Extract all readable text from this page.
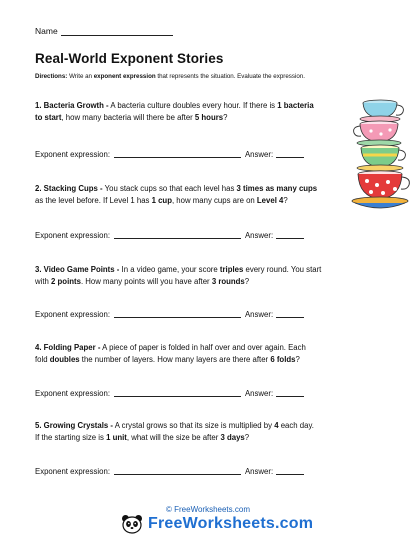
Name
Real-World Exponent Stories
Directions: Write an exponent expression that represents the situation. Evaluate the expression.
1. Bacteria Growth - A bacteria culture doubles every hour. If there is 1 bacteria
to start, how many bacteria will there be after 5 hours?
Exponent expression:	Answer:
2. Stacking Cups - You stack cups so that each level has 3 times as many cups
as the level before. If Level 1 has 1 cup, how many cups are on Level 4?
Exponent expression:	Answer:
3. Video Game Points - In a video game, your score triples every round. You start
with 2 points. How many points will you have after 3 rounds?
Exponent expression:	Answer:
4. Folding Paper - A piece of paper is folded in half over and over again. Each
fold doubles the number of layers. How many layers are there after 6 folds?
Exponent expression:	Answer:
5. Growing Crystals - A crystal grows so that its size is multiplied by 4 each day.
If the starting size is 1 unit, what will the size be after 3 days?
Exponent expression:	Answer:
© FreeWorksheets.com
FreeWorksheets.com
